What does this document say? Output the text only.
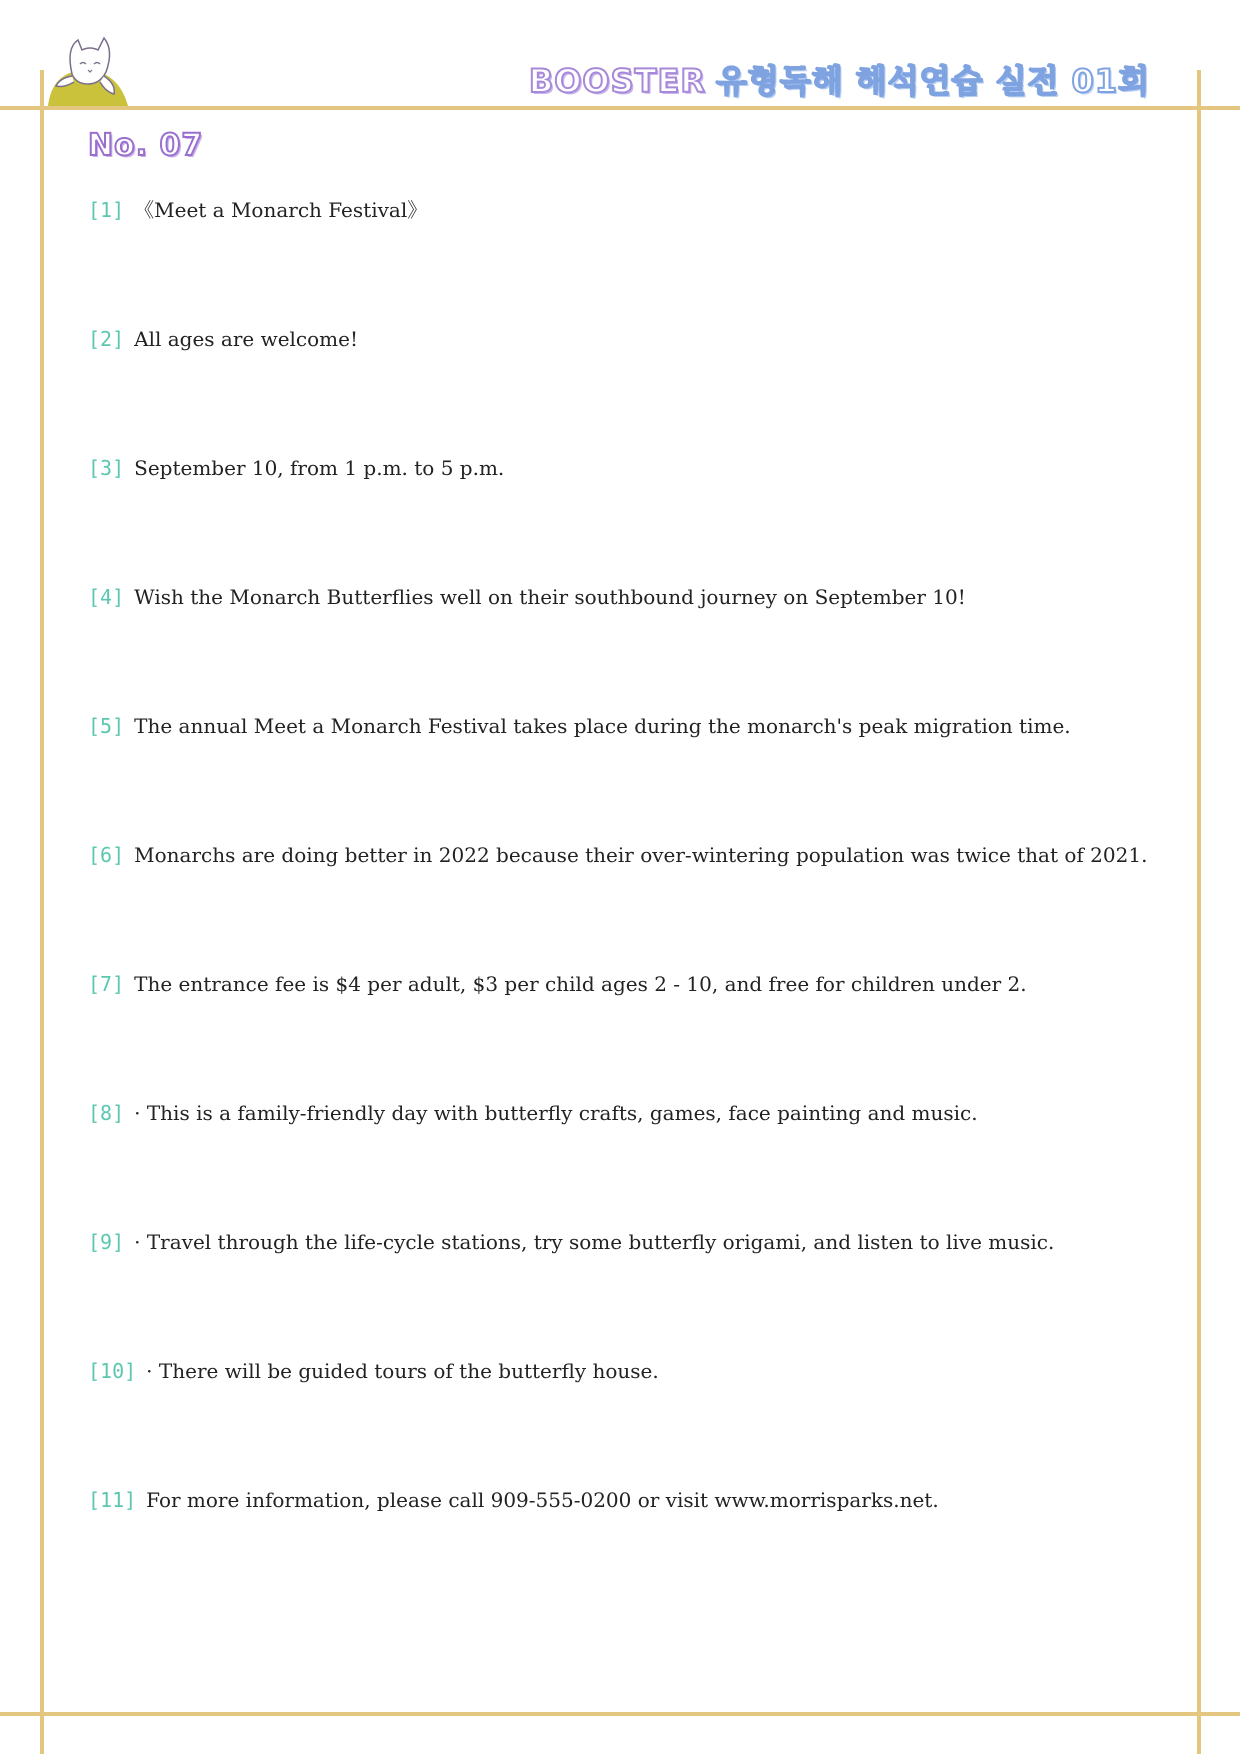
BOOSTER 유형독해 해석연습 실전 01회
No. 07
[1] 《Meet a Monarch Festival》
[2] All ages are welcome!
[3] September 10, from 1 p.m. to 5 p.m.
[4] Wish the Monarch Butterflies well on their southbound journey on September 10!
[5] The annual Meet a Monarch Festival takes place during the monarch's peak migration time.
[6] Monarchs are doing better in 2022 because their over-wintering population was twice that of 2021.
[7] The entrance fee is $4 per adult, $3 per child ages 2 - 10, and free for children under 2.
[8] · This is a family-friendly day with butterfly crafts, games, face painting and music.
[9] · Travel through the life-cycle stations, try some butterfly origami, and listen to live music.
[10] · There will be guided tours of the butterfly house.
[11] For more information, please call 909-555-0200 or visit www.morrisparks.net.
